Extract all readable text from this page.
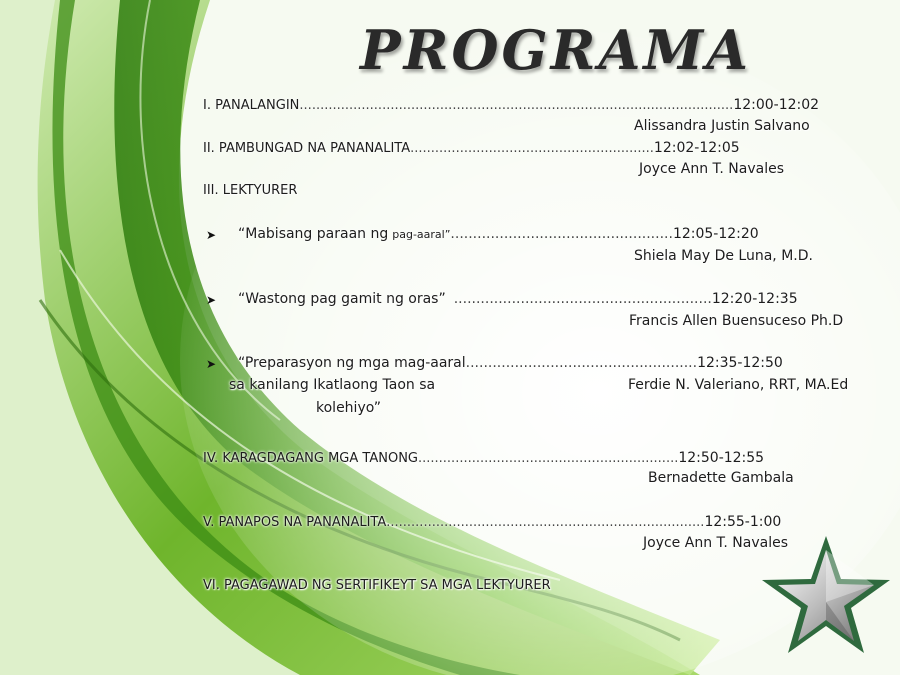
PROGRAMA
I. PANALANGIN ......................................................................................................... 12:00-12:02
Alissandra Justin Salvano
II. PAMBUNGAD NA PANANALITA ........................................................... 12:02-12:05
Joyce Ann T. Navales
III. LEKTYURER
➤ “Mabisang paraan ng pag-aaral” .................................................. 12:05-12:20
Shiela May De Luna, M.D.
➤ “Wastong pag gamit ng oras” .......................................................... 12:20-12:35
Francis Allen Buensuceso Ph.D
➤ “Preparasyon ng mga mag-aaral .................................................... 12:35-12:50
sa kanilang Ikatlaong Taon sa	Ferdie N. Valeriano, RRT, MA.Ed
kolehiyo”
IV. KARAGDAGANG MGA TANONG ............................................................... 12:50-12:55
Bernadette Gambala
V. PANAPOS NA PANANALITA ............................................................................. 12:55-1:00
Joyce Ann T. Navales
VI. PAGAGAWAD NG SERTIFIKEYT SA MGA LEKTYURER
